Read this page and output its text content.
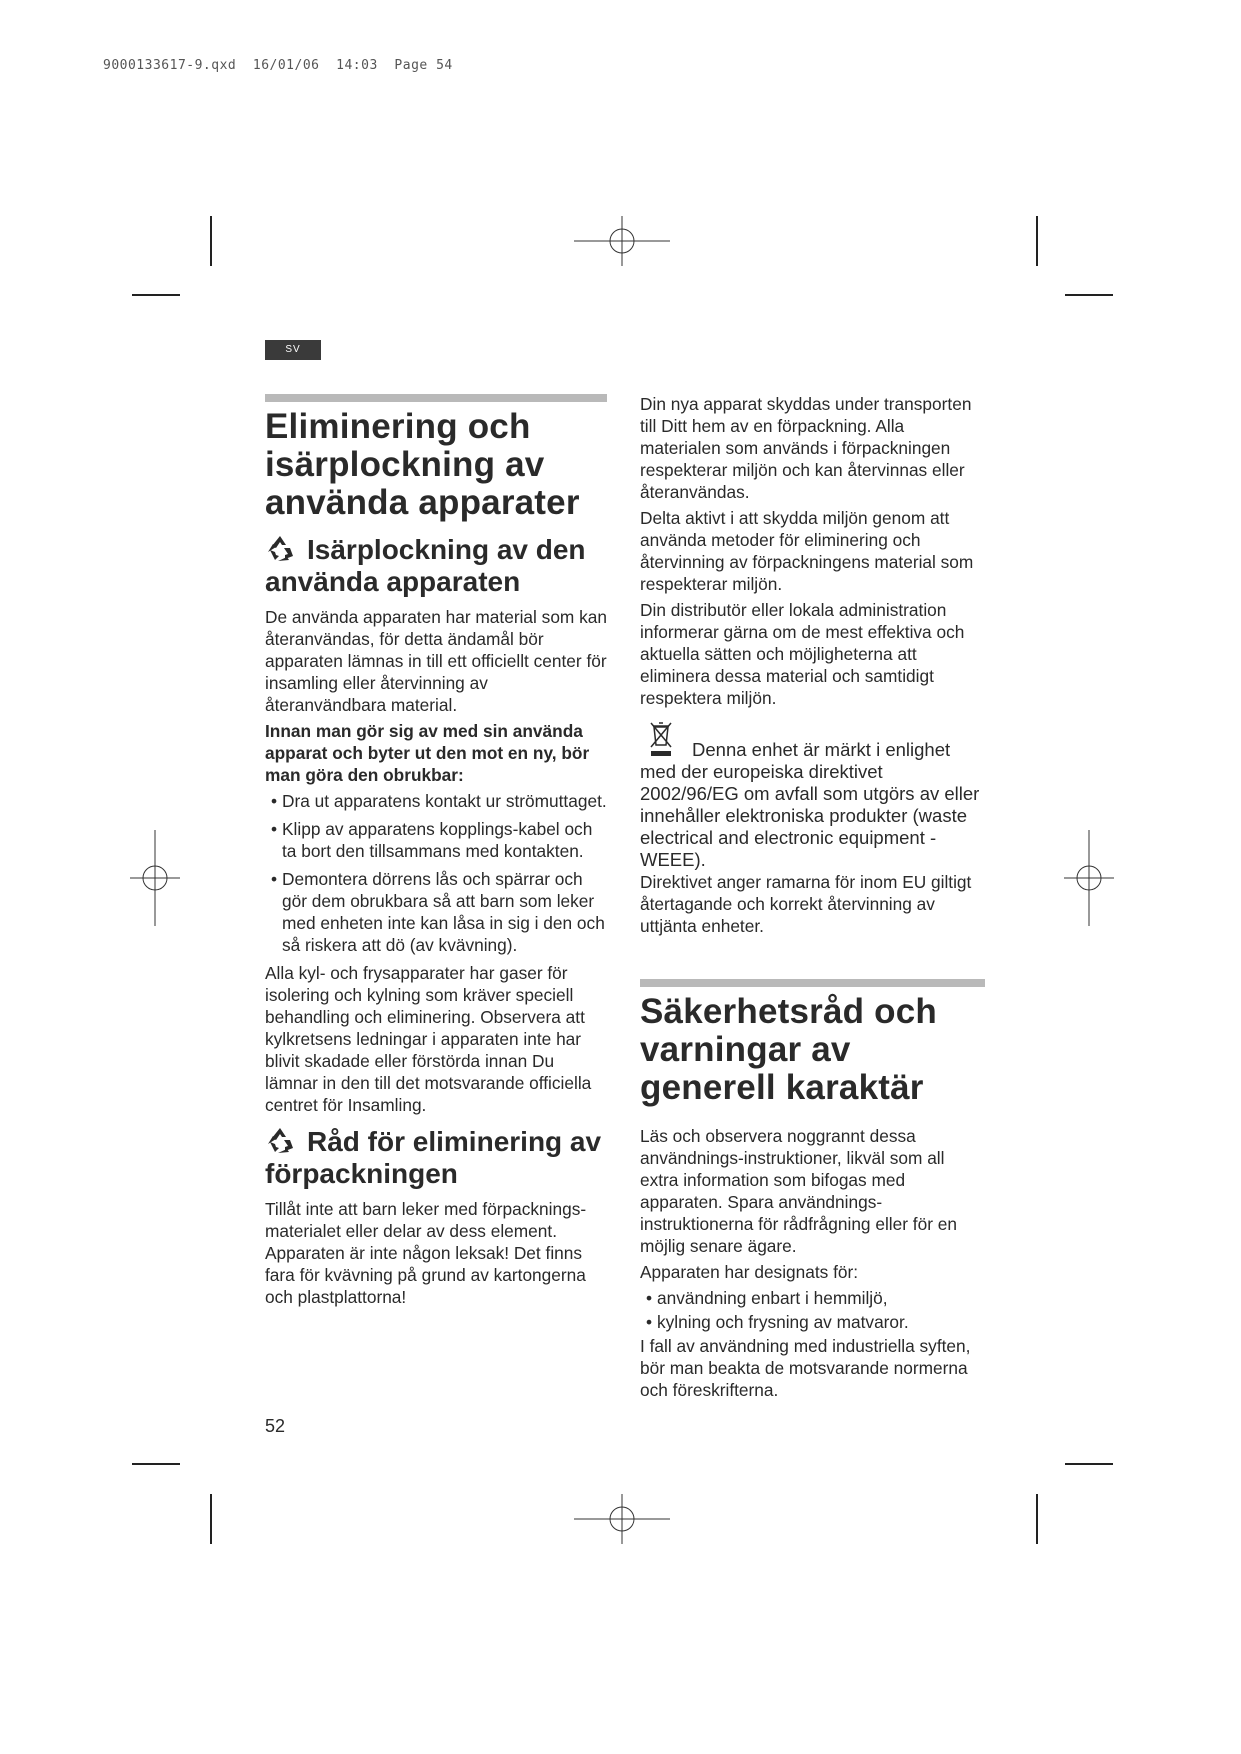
9000133617-9.qxd  16/01/06  14:03  Page 54
SV
Eliminering och isärplockning av använda apparater
Isärplockning av den använda apparaten

De använda apparaten har material som kan återanvändas, för detta ändamål bör apparaten lämnas in till ett officiellt center för insamling eller återvinning av återanvändbara material.

Innan man gör sig av med sin använda apparat och byter ut den mot en ny, bör man göra den obrukbar:

• Dra ut apparatens kontakt ur strömuttaget.
• Klipp av apparatens kopplings-kabel och ta bort den tillsammans med kontakten.
• Demontera dörrens lås och spärrar och gör dem obrukbara så att barn som leker med enheten inte kan låsa in sig i den och så riskera att dö (av kvävning).

Alla kyl- och frysapparater har gaser för isolering och kylning som kräver speciell behandling och eliminering. Observera att kylkretsens ledningar i apparaten inte har blivit skadade eller förstörda innan Du lämnar in den till det motsvarande officiella centret för Insamling.

Råd för eliminering av förpackningen

Tillåt inte att barn leker med förpacknings-materialet eller delar av dess element. Apparaten är inte någon leksak! Det finns fara för kvävning på grund av kartongerna och plastplattorna!

Din nya apparat skyddas under transporten till Ditt hem av en förpackning. Alla materialen som används i förpackningen respekterar miljön och kan återvinnas eller återanvändas.

Delta aktivt i att skydda miljön genom att använda metoder för eliminering och återvinning av förpackningens material som respekterar miljön.

Din distributör eller lokala administration informerar gärna om de mest effektiva och aktuella sätten och möjligheterna att eliminera dessa material och samtidigt respektera miljön.

Denna enhet är märkt i enlighet med der europeiska direktivet 2002/96/EG om avfall som utgörs av eller innehåller elektroniska produkter (waste electrical and electronic equipment - WEEE).

Direktivet anger ramarna för inom EU giltigt återtagande och korrekt återvinning av uttjänta enheter.

Säkerhetsråd och varningar av generell karaktär

Läs och observera noggrannt dessa användnings-instruktioner, likväl som all extra information som bifogas med apparaten. Spara användnings-instruktionerna för rådfrågning eller för en möjlig senare ägare.

Apparaten har designats för:

• användning enbart i hemmiljö,
• kylning och frysning av matvaror.

I fall av användning med industriella syften, bör man beakta de motsvarande normerna och föreskrifterna.

52
